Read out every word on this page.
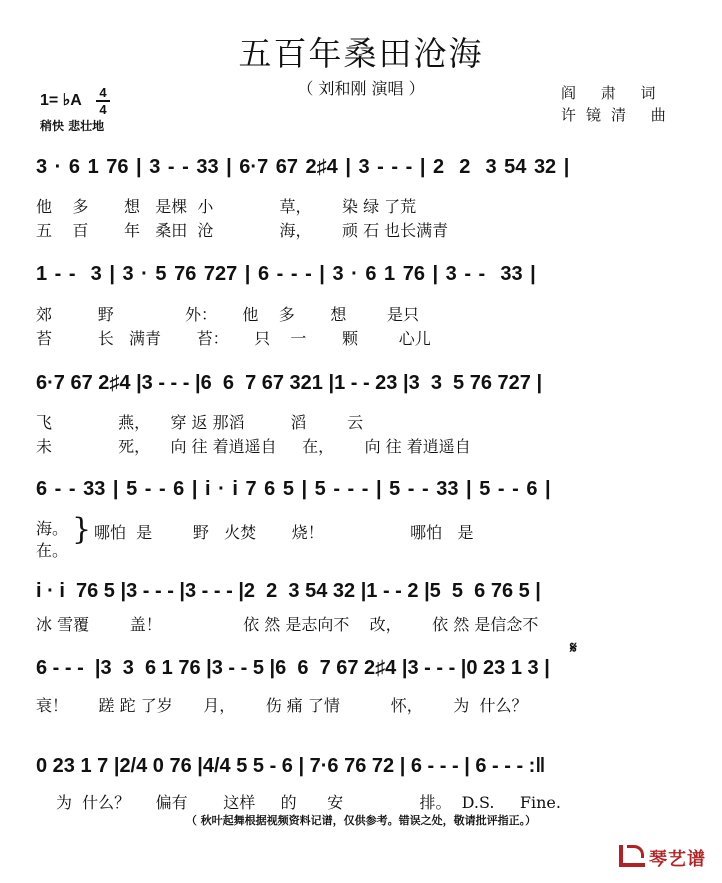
五百年桑田沧海
（ 刘和刚 演唱 ）
1= ♭A 4
4
稍快 悲壮地
阎 肃 词
许镜清 曲
3 · 6 1 76 | 3 - - 33 | 6·7 67 2♯4 | 3 - - - | 2  2  3 54 32 |
他    多       想   是棵  小             草，      染 绿 了荒
五    百       年   桑田  沧             海，      顽 石 也长满青
1 - -  3 | 3 · 5 76 727 | 6 - - - | 3 · 6 1 76 | 3 - -  33 |
郊         野              外：     他    多       想        是只
苔         长   满青       苔：     只    一       颗        心儿
6·7 67 2♯4 |3 - - - |6  6  7 67 321 |1 - - 23 |3  3  5 76 727 |
飞             燕，    穿 返 那滔         滔        云
未             死，    向 往 着逍遥自     在，      向 往 着逍遥自
6 - - 33 | 5 - - 6 | i · i 7 6 5 | 5 - - - | 5 - - 33 | 5 - - 6 |
海。
在。
} 哪怕  是        野   火焚       烧！                 哪怕   是
i · i  76 5 |3 - - - |3 - - - |2  2  3 54 32 |1 - - 2 |5  5  6 76 5 |
冰 雪覆        盖！                依 然 是志向不    改，      依 然 是信念不
6 - - -  |3  3  6 1 76 |3 - - 5 |6  6  7 67 2♯4 |3 - - - |0 23 1 3 |
𝄋
衰！      蹉 跎 了岁      月，      伤 痛 了情          怀，      为  什么？
0 23 1 7 |2/4 0 76 |4/4 5 5 - 6 | 7·6 76 72 | 6 - - - | 6 - - - :‖
为  什么？     偏有       这样     的      安               排。  D.S.     Fine.
（ 秋叶起舞根据视频资料记谱，仅供参考。错误之处，敬请批评指正。）

琴艺谱
